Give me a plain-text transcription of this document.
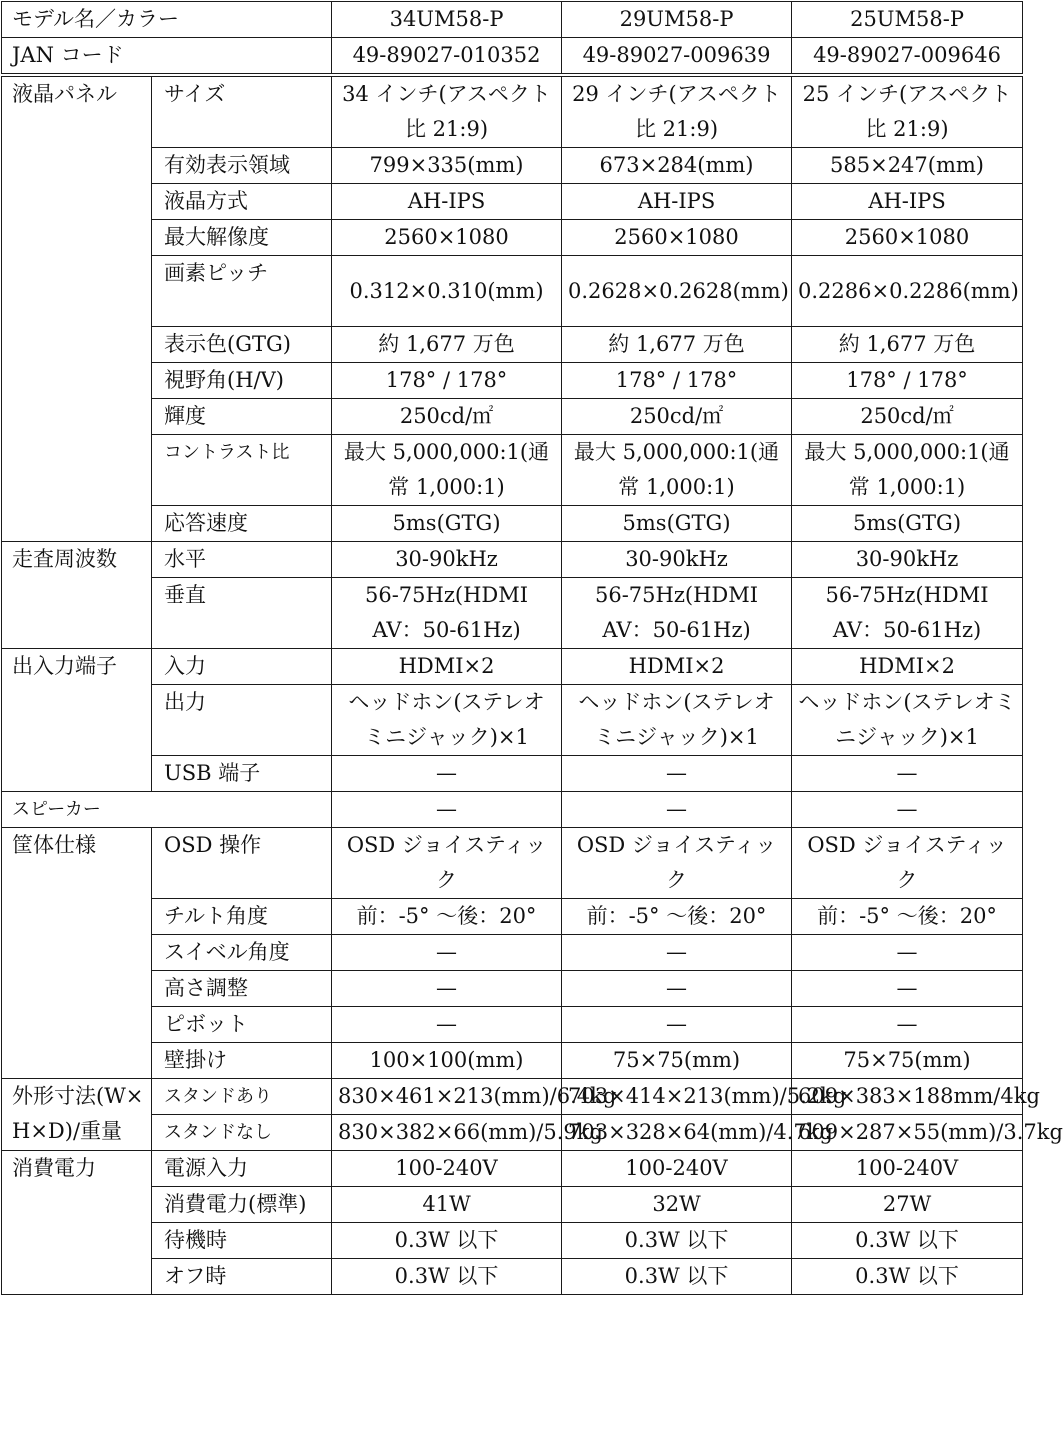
モデル名／カラー		34UM58-P	29UM58-P	25UM58-P
JAN コード		49-89027-010352	49-89027-009639	49-89027-009646
液晶パネル	サイズ	34 インチ(アスペクト比 21:9)	29 インチ(アスペクト比 21:9)	25 インチ(アスペクト比 21:9)
	有効表示領域	799×335(mm)	673×284(mm)	585×247(mm)
	液晶方式	AH-IPS	AH-IPS	AH-IPS
	最大解像度	2560×1080	2560×1080	2560×1080
	画素ピッチ	0.312×0.310(mm)	0.2628×0.2628(mm)	0.2286×0.2286(mm)
	表示色(GTG)	約 1,677 万色	約 1,677 万色	約 1,677 万色
	視野角(H/V)	178° / 178°	178° / 178°	178° / 178°
	輝度	250cd/㎡	250cd/㎡	250cd/㎡
	コントラスト比	最大 5,000,000:1(通常 1,000:1)	最大 5,000,000:1(通常 1,000:1)	最大 5,000,000:1(通常 1,000:1)
	応答速度	5ms(GTG)	5ms(GTG)	5ms(GTG)
走査周波数	水平	30-90kHz	30-90kHz	30-90kHz
	垂直	56-75Hz(HDMI AV：50-61Hz)	56-75Hz(HDMI AV：50-61Hz)	56-75Hz(HDMI AV：50-61Hz)
出入力端子	入力	HDMI×2	HDMI×2	HDMI×2
	出力	ヘッドホン(ステレオミニジャック)×1	ヘッドホン(ステレオミニジャック)×1	ヘッドホン(ステレオミニジャック)×1
	USB 端子	—	—	—
スピーカー		—	—	—
筐体仕様	OSD 操作	OSD ジョイスティック	OSD ジョイスティック	OSD ジョイスティック
	チルト角度	前：-5° ～後：20°	前：-5° ～後：20°	前：-5° ～後：20°
	スイベル角度	—	—	—
	高さ調整	—	—	—
	ピボット	—	—	—
	壁掛け	100×100(mm)	75×75(mm)	75×75(mm)
外形寸法(W×H×D)/重量	スタンドあり	830×461×213(mm)/6.4kg	703×414×213(mm)/5.2kg	609×383×188mm/4kg
	スタンドなし	830×382×66(mm)/5.9kg	703×328×64(mm)/4.7kg	609×287×55(mm)/3.7kg
消費電力	電源入力	100-240V	100-240V	100-240V
	消費電力(標準)	41W	32W	27W
	待機時	0.3W 以下	0.3W 以下	0.3W 以下
	オフ時	0.3W 以下	0.3W 以下	0.3W 以下
